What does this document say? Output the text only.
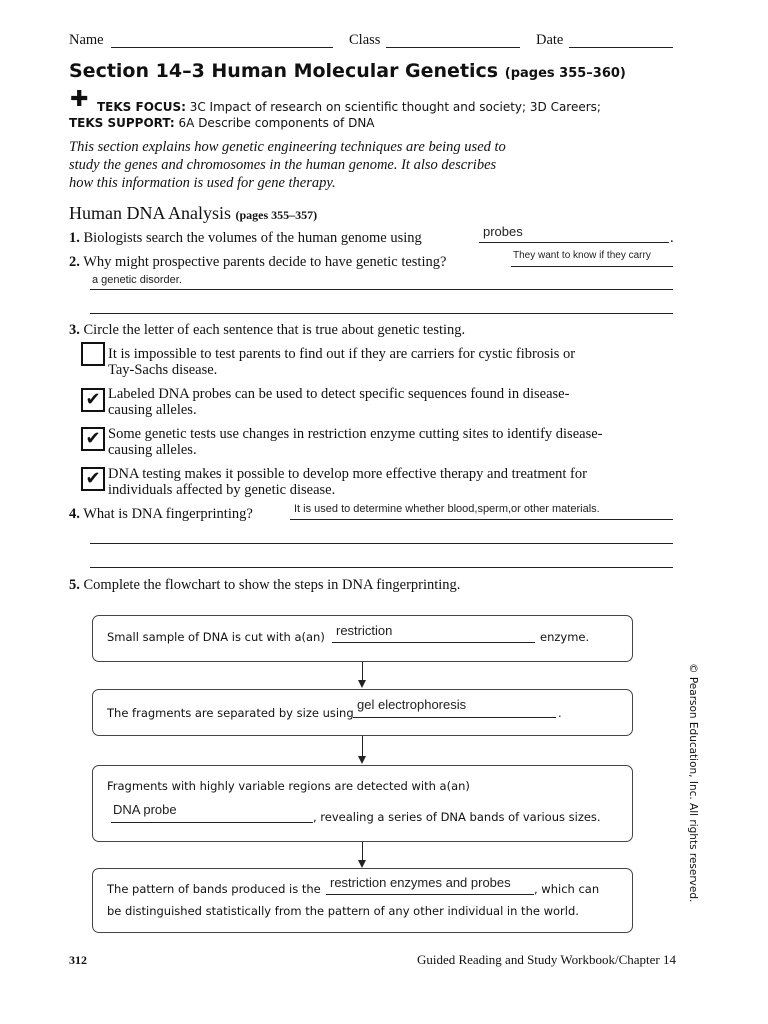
Name	Class	Date
Section 14–3 Human Molecular Genetics (pages 355–360)
✚ TEKS FOCUS: 3C Impact of research on scientific thought and society; 3D Careers;
TEKS SUPPORT: 6A Describe components of DNA
This section explains how genetic engineering techniques are being used to
study the genes and chromosomes in the human genome. It also describes
how this information is used for gene therapy.
Human DNA Analysis (pages 355–357)
1. Biologists search the volumes of the human genome using	probes	.
2. Why might prospective parents decide to have genetic testing?	They want to know if they carry
a genetic disorder.
3. Circle the letter of each sentence that is true about genetic testing.
It is impossible to test parents to find out if they are carriers for cystic fibrosis or
Tay-Sachs disease.
✔ Labeled DNA probes can be used to detect specific sequences found in disease-
causing alleles.
✔ Some genetic tests use changes in restriction enzyme cutting sites to identify disease-
causing alleles.
✔ DNA testing makes it possible to develop more effective therapy and treatment for
individuals affected by genetic disease.
4. What is DNA fingerprinting?	It is used to determine whether blood,sperm,or other materials.
5. Complete the flowchart to show the steps in DNA fingerprinting.
Small sample of DNA is cut with a(an) restriction	enzyme.
The fragments are separated by size using
gel electrophoresis
.
Fragments with highly variable regions are detected with a(an)
DNA probe	, revealing a series of DNA bands of various sizes.
The pattern of bands produced is the restriction enzymes and probes , which can
be distinguished statistically from the pattern of any other individual in the world.
© Pearson Education, Inc. All rights reserved.
312	Guided Reading and Study Workbook/Chapter 14
